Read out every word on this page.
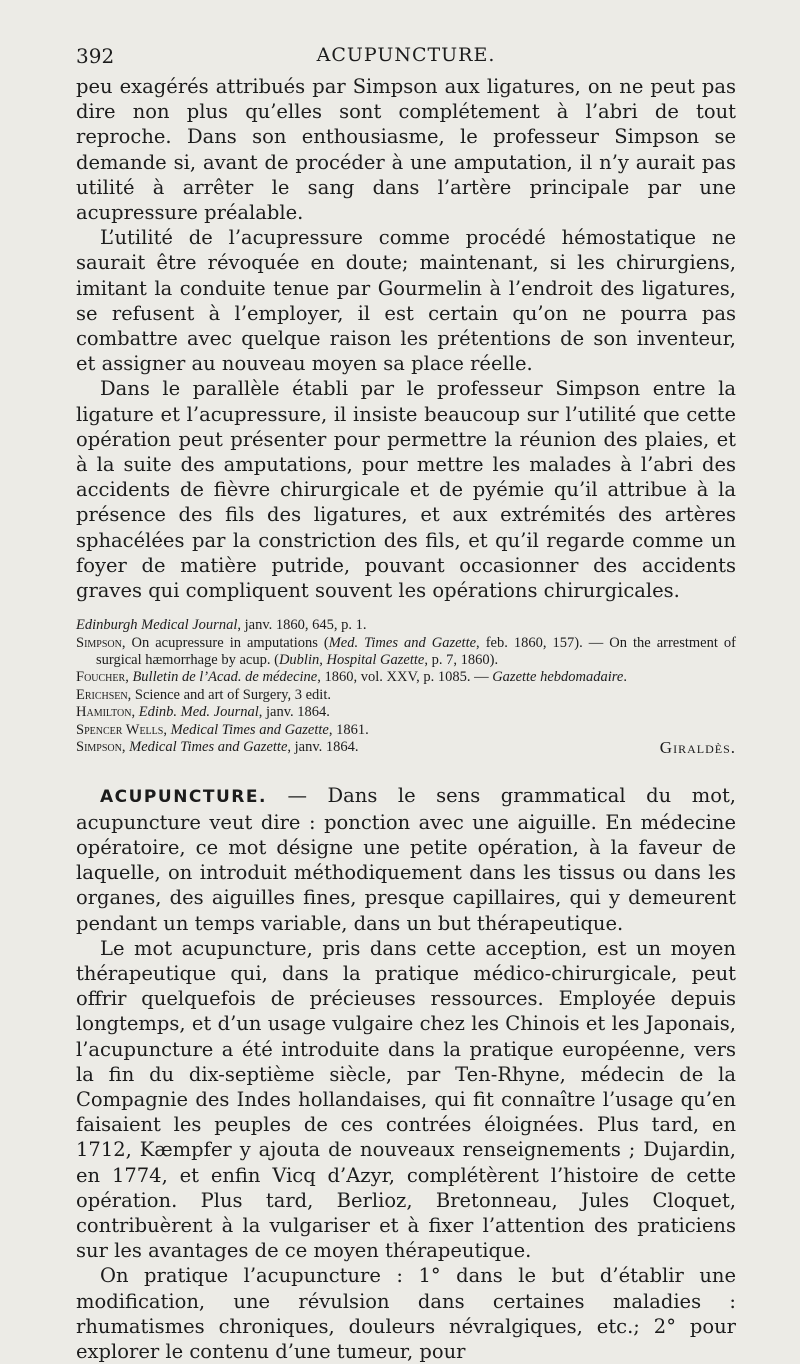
392	ACUPUNCTURE.

peu exagérés attribués par Simpson aux ligatures, on ne peut pas dire non plus qu’elles sont complétement à l’abri de tout reproche. Dans son enthousiasme, le professeur Simpson se demande si, avant de procéder à une amputation, il n’y aurait pas utilité à arrêter le sang dans l’artère principale par une acupressure préalable.

L’utilité de l’acupressure comme procédé hémostatique ne saurait être révoquée en doute; maintenant, si les chirurgiens, imitant la conduite tenue par Gourmelin à l’endroit des ligatures, se refusent à l’employer, il est certain qu’on ne pourra pas combattre avec quelque raison les prétentions de son inventeur, et assigner au nouveau moyen sa place réelle.

Dans le parallèle établi par le professeur Simpson entre la ligature et l’acupressure, il insiste beaucoup sur l’utilité que cette opération peut présenter pour permettre la réunion des plaies, et à la suite des amputations, pour mettre les malades à l’abri des accidents de fièvre chirurgicale et de pyémie qu’il attribue à la présence des fils des ligatures, et aux extrémités des artères sphacélées par la constriction des fils, et qu’il regarde comme un foyer de matière putride, pouvant occasionner des accidents graves qui compliquent souvent les opérations chirurgicales.

Edinburgh Medical Journal, janv. 1860, 645, p. 1.
Simpson, On acupressure in amputations (Med. Times and Gazette, feb. 1860, 157). — On the arrestment of surgical hæmorrhage by acup. (Dublin, Hospital Gazette, p. 7, 1860).
Foucher, Bulletin de l’Acad. de médecine, 1860, vol. XXV, p. 1085. — Gazette hebdomadaire.
Erichsen, Science and art of Surgery, 3 edit.
Hamilton, Edinb. Med. Journal, janv. 1864.
Spencer Wells, Medical Times and Gazette, 1861.
Simpson, Medical Times and Gazette, janv. 1864.	Giraldès.

ACUPUNCTURE. — Dans le sens grammatical du mot, acupuncture veut dire : ponction avec une aiguille. En médecine opératoire, ce mot désigne une petite opération, à la faveur de laquelle, on introduit méthodiquement dans les tissus ou dans les organes, des aiguilles fines, presque capillaires, qui y demeurent pendant un temps variable, dans un but thérapeutique.

Le mot acupuncture, pris dans cette acception, est un moyen thérapeutique qui, dans la pratique médico-chirurgicale, peut offrir quelquefois de précieuses ressources. Employée depuis longtemps, et d’un usage vulgaire chez les Chinois et les Japonais, l’acupuncture a été introduite dans la pratique européenne, vers la fin du dix-septième siècle, par Ten-Rhyne, médecin de la Compagnie des Indes hollandaises, qui fit connaître l’usage qu’en faisaient les peuples de ces contrées éloignées. Plus tard, en 1712, Kæmpfer y ajouta de nouveaux renseignements ; Dujardin, en 1774, et enfin Vicq d’Azyr, complétèrent l’histoire de cette opération. Plus tard, Berlioz, Bretonneau, Jules Cloquet, contribuèrent à la vulgariser et à fixer l’attention des praticiens sur les avantages de ce moyen thérapeutique.

On pratique l’acupuncture : 1° dans le but d’établir une modification, une révulsion dans certaines maladies : rhumatismes chroniques, douleurs névralgiques, etc.; 2° pour explorer le contenu d’une tumeur, pour
